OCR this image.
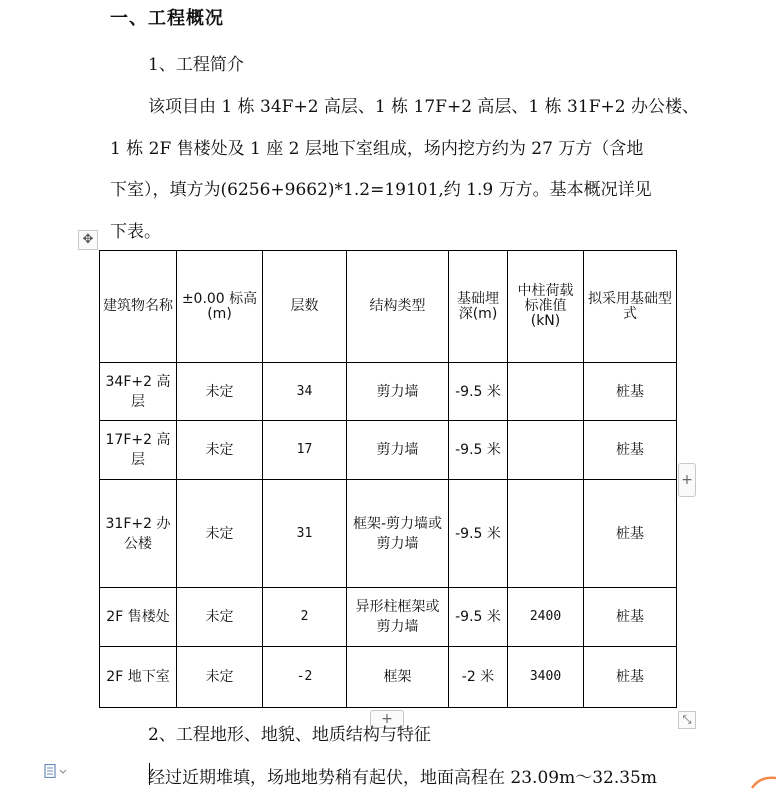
一、工程概况
1、工程简介
该项目由 1 栋 34F+2 高层、1 栋 17F+2 高层、1 栋 31F+2 办公楼、
1 栋 2F 售楼处及 1 座 2 层地下室组成，场内挖方约为 27 万方（含地
下室），填方为(6256+9662)*1.2=19101,约 1.9 万方。基本概况详见
下表。
✥
建筑物名称	±0.00 标高(m)	层数	结构类型	基础埋深(m)	中柱荷载标准值(kN)	拟采用基础型式
34F+2 高层	未定	34	剪力墙	-9.5 米		桩基
17F+2 高层	未定	17	剪力墙	-9.5 米		桩基
31F+2 办公楼	未定	31	框架-剪力墙或剪力墙	-9.5 米		桩基
2F 售楼处	未定	2	异形柱框架或剪力墙	-9.5 米	2400	桩基
2F 地下室	未定	-2	框架	-2 米	3400	桩基
+
+	⤡
2、工程地形、地貌、地质结构与特征
经过近期堆填，场地地势稍有起伏，地面高程在 23.09m～32.35m
